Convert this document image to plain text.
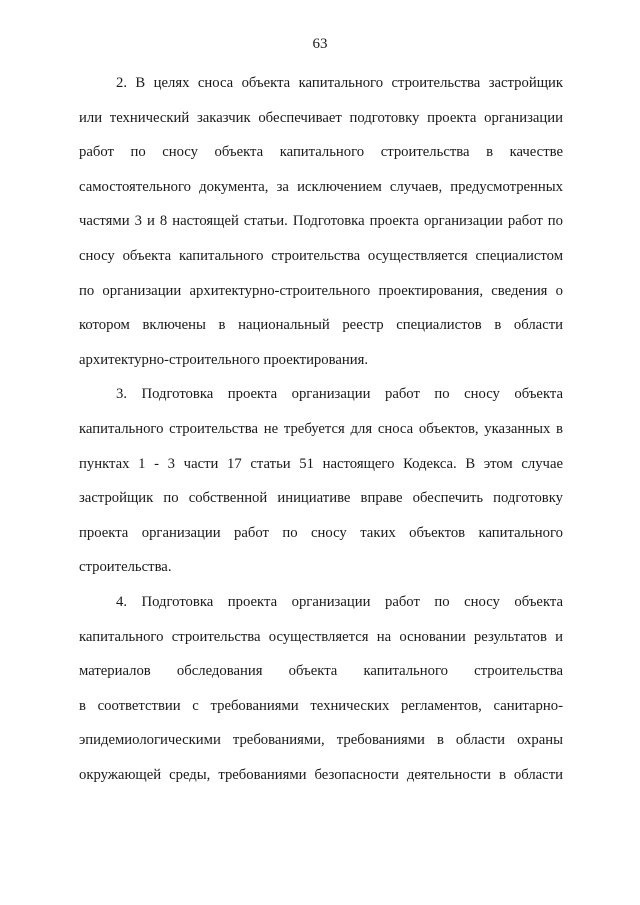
63
2. В целях сноса объекта капитального строительства застройщик
или технический заказчик обеспечивает подготовку проекта организации
работ по сносу объекта капитального строительства в качестве
самостоятельного документа, за исключением случаев, предусмотренных
частями 3 и 8 настоящей статьи. Подготовка проекта организации работ по
сносу объекта капитального строительства осуществляется специалистом
по организации архитектурно-строительного проектирования, сведения о
котором включены в национальный реестр специалистов в области
архитектурно-строительного проектирования.
3. Подготовка проекта организации работ по сносу объекта
капитального строительства не требуется для сноса объектов, указанных в
пунктах 1 - 3 части 17 статьи 51 настоящего Кодекса. В этом случае
застройщик по собственной инициативе вправе обеспечить подготовку
проекта организации работ по сносу таких объектов капитального
строительства.
4. Подготовка проекта организации работ по сносу объекта
капитального строительства осуществляется на основании результатов и
материалов обследования объекта капитального строительства
в соответствии с требованиями технических регламентов, санитарно-
эпидемиологическими требованиями, требованиями в области охраны
окружающей среды, требованиями безопасности деятельности в области
